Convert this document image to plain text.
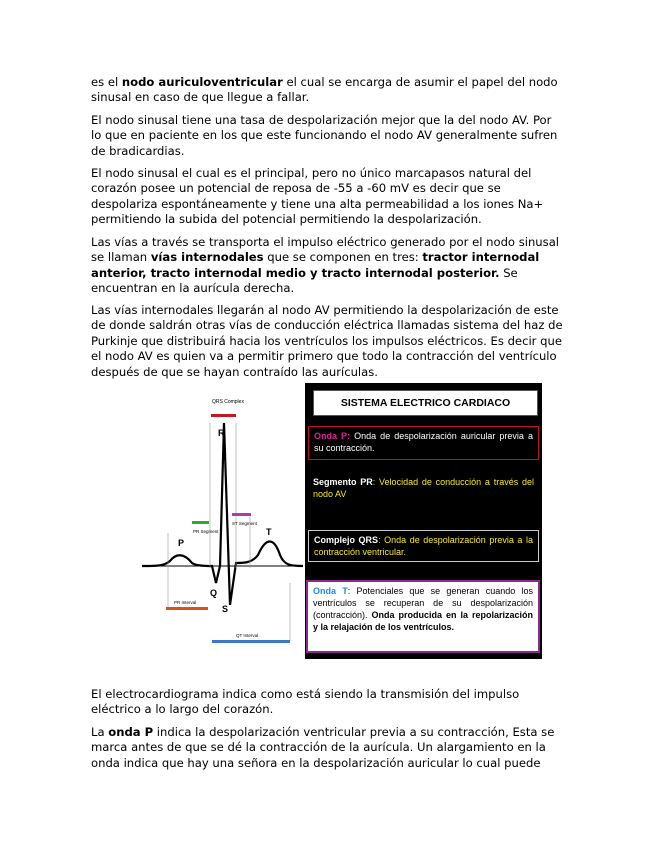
es el nodo auriculoventricular el cual se encarga de asumir el papel del nodo sinusal en caso de que llegue a fallar.

El nodo sinusal tiene una tasa de despolarización mejor que la del nodo AV. Por lo que en paciente en los que este funcionando el nodo AV generalmente sufren de bradicardias.

El nodo sinusal el cual es el principal, pero no único marcapasos natural del corazón posee un potencial de reposa de -55 a -60 mV es decir que se despolariza espontáneamente y tiene una alta permeabilidad a los iones Na+ permitiendo la subida del potencial permitiendo la despolarización.

Las vías a través se transporta el impulso eléctrico generado por el nodo sinusal se llaman vías internodales que se componen en tres: tractor internodal anterior, tracto internodal medio y tracto internodal posterior. Se encuentran en la aurícula derecha.

Las vías internodales llegarán al nodo AV permitiendo la despolarización de este de donde saldrán otras vías de conducción eléctrica llamadas sistema del haz de Purkinje que distribuirá hacia los ventrículos los impulsos eléctricos. Es decir que el nodo AV es quien va a permitir primero que todo la contracción del ventrículo después de que se hayan contraído las aurículas.

QRS Complex
PR Segment
ST Segment
P
R
Q
S
T
PR Interval
QT Interval
SISTEMA ELECTRICO CARDIACO
Onda P: Onda de despolarización auricular previa a su contracción.
Segmento PR: Velocidad de conducción a través del nodo AV
Complejo QRS: Onda de despolarización previa a la contracción ventricular.
Onda T: Potenciales que se generan cuando los ventrículos se recuperan de su despolarización (contracción). Onda producida en la repolarización y la relajación de los ventrículos.

El electrocardiograma indica como está siendo la transmisión del impulso eléctrico a lo largo del corazón.

La onda P indica la despolarización ventricular previa a su contracción, Esta se marca antes de que se dé la contracción de la aurícula. Un alargamiento en la onda indica que hay una señora en la despolarización auricular lo cual puede
